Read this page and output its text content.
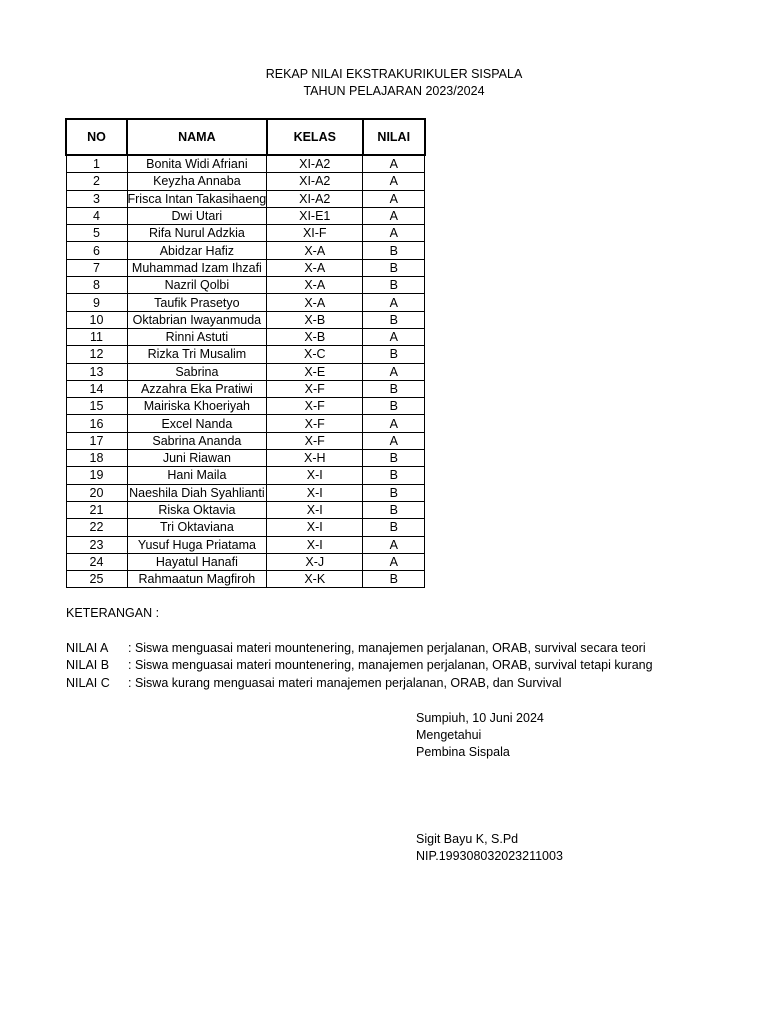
REKAP NILAI EKSTRAKURIKULER SISPALA
TAHUN PELAJARAN 2023/2024
NO	NAMA	KELAS	NILAI
1	Bonita Widi Afriani	XI-A2	A
2	Keyzha Annaba	XI-A2	A
3	Frisca Intan Takasihaeng	XI-A2	A
4	Dwi Utari	XI-E1	A
5	Rifa Nurul Adzkia	XI-F	A
6	Abidzar Hafiz	X-A	B
7	Muhammad Izam Ihzafi	X-A	B
8	Nazril Qolbi	X-A	B
9	Taufik Prasetyo	X-A	A
10	Oktabrian Iwayanmuda	X-B	B
11	Rinni Astuti	X-B	A
12	Rizka Tri Musalim	X-C	B
13	Sabrina	X-E	A
14	Azzahra Eka Pratiwi	X-F	B
15	Mairiska Khoeriyah	X-F	B
16	Excel Nanda	X-F	A
17	Sabrina Ananda	X-F	A
18	Juni Riawan	X-H	B
19	Hani Maila	X-I	B
20	Naeshila Diah Syahlianti	X-I	B
21	Riska Oktavia	X-I	B
22	Tri Oktaviana	X-I	B
23	Yusuf Huga Priatama	X-I	A
24	Hayatul Hanafi	X-J	A
25	Rahmaatun Magfiroh	X-K	B
KETERANGAN :
NILAI A : Siswa menguasai materi mountenering, manajemen perjalanan, ORAB, survival secara teori
NILAI B : Siswa menguasai materi mountenering, manajemen perjalanan, ORAB, survival tetapi kurang
NILAI C : Siswa kurang menguasai materi manajemen perjalanan, ORAB, dan Survival
Sumpiuh, 10 Juni 2024
Mengetahui
Pembina Sispala
Sigit Bayu K, S.Pd
NIP.199308032023211003
